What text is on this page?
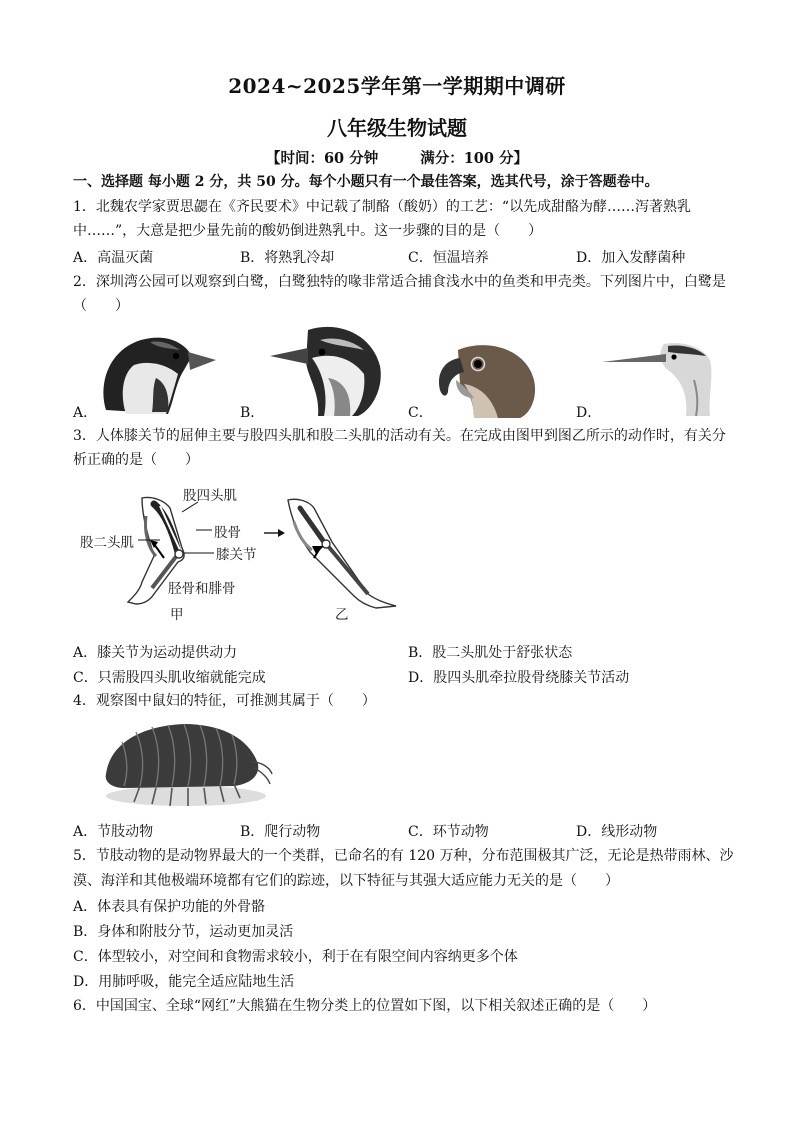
2024~2025学年第一学期期中调研
八年级生物试题
【时间：60 分钟	满分：100 分】
一、选择题 每小题 2 分，共 50 分。每个小题只有一个最佳答案，选其代号，涂于答题卷中。
1．北魏农学家贾思勰在《齐民要术》中记载了制酪（酸奶）的工艺：“以先成甜酪为酵……泻著熟乳
中……”，大意是把少量先前的酸奶倒进熟乳中。这一步骤的目的是（　　）
A．高温灭菌	B．将熟乳冷却	C．恒温培养	D．加入发酵菌种
2．深圳湾公园可以观察到白鹭，白鹭独特的喙非常适合捕食浅水中的鱼类和甲壳类。下列图片中，白鹭是
（　　）
A．	B．	C．	D．
3．人体膝关节的屈伸主要与股四头肌和股二头肌的活动有关。在完成由图甲到图乙所示的动作时，有关分
析正确的是（　　）
股四头肌
股二头肌
股骨
膝关节
胫骨和腓骨
甲	乙
A．膝关节为运动提供动力	B．股二头肌处于舒张状态
C．只需股四头肌收缩就能完成	D．股四头肌牵拉股骨绕膝关节活动
4．观察图中鼠妇的特征，可推测其属于（　　）
A．节肢动物	B．爬行动物	C．环节动物	D．线形动物
5．节肢动物的是动物界最大的一个类群，已命名的有 120 万种，分布范围极其广泛，无论是热带雨林、沙
漠、海洋和其他极端环境都有它们的踪迹，以下特征与其强大适应能力无关的是（　　）
A．体表具有保护功能的外骨骼
B．身体和附肢分节，运动更加灵活
C．体型较小，对空间和食物需求较小，利于在有限空间内容纳更多个体
D．用肺呼吸，能完全适应陆地生活
6．中国国宝、全球“网红”大熊猫在生物分类上的位置如下图，以下相关叙述正确的是（　　）
